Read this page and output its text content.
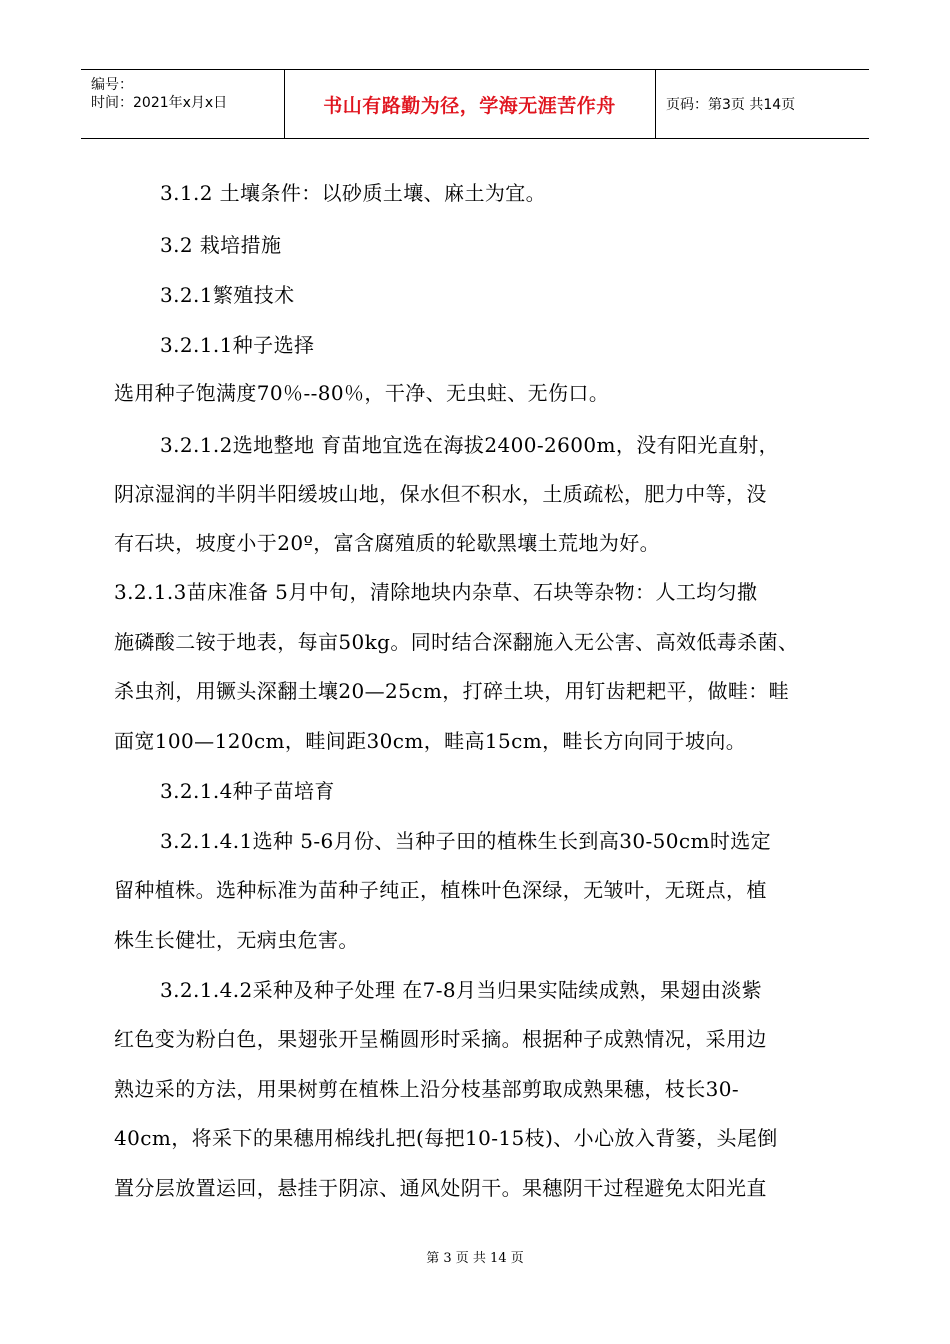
编号：
时间：2021年x月x日	书山有路勤为径，学海无涯苦作舟	页码：第3页 共14页
3.1.2 土壤条件：以砂质土壤、麻土为宜。
3.2 栽培措施
3.2.1繁殖技术
3.2.1.1种子选择
选用种子饱满度70％--80％，干净、无虫蛀、无伤口。
3.2.1.2选地整地 育苗地宜选在海拔2400-2600m，没有阳光直射，
阴凉湿润的半阴半阳缓坡山地，保水但不积水，土质疏松，肥力中等，没
有石块，坡度小于20º，富含腐殖质的轮歇黑壤土荒地为好。
3.2.1.3苗床准备 5月中旬，清除地块内杂草、石块等杂物：人工均匀撒
施磷酸二铵于地表，每亩50kg。同时结合深翻施入无公害、高效低毒杀菌、
杀虫剂，用镢头深翻土壤20—25cm，打碎土块，用钉齿耙耙平，做畦：畦
面宽100—120cm，畦间距30cm，畦高15cm，畦长方向同于坡向。
3.2.1.4种子苗培育
3.2.1.4.1选种 5-6月份、当种子田的植株生长到高30-50cm时选定
留种植株。选种标准为苗种子纯正，植株叶色深绿，无皱叶，无斑点，植
株生长健壮，无病虫危害。
3.2.1.4.2采种及种子处理 在7-8月当归果实陆续成熟，果翅由淡紫
红色变为粉白色，果翅张开呈椭圆形时采摘。根据种子成熟情况，采用边
熟边采的方法，用果树剪在植株上沿分枝基部剪取成熟果穗，枝长30-
40cm，将采下的果穗用棉线扎把(每把10-15枝)、小心放入背篓，头尾倒
置分层放置运回，悬挂于阴凉、通风处阴干。果穗阴干过程避免太阳光直
第 3 页 共 14 页
